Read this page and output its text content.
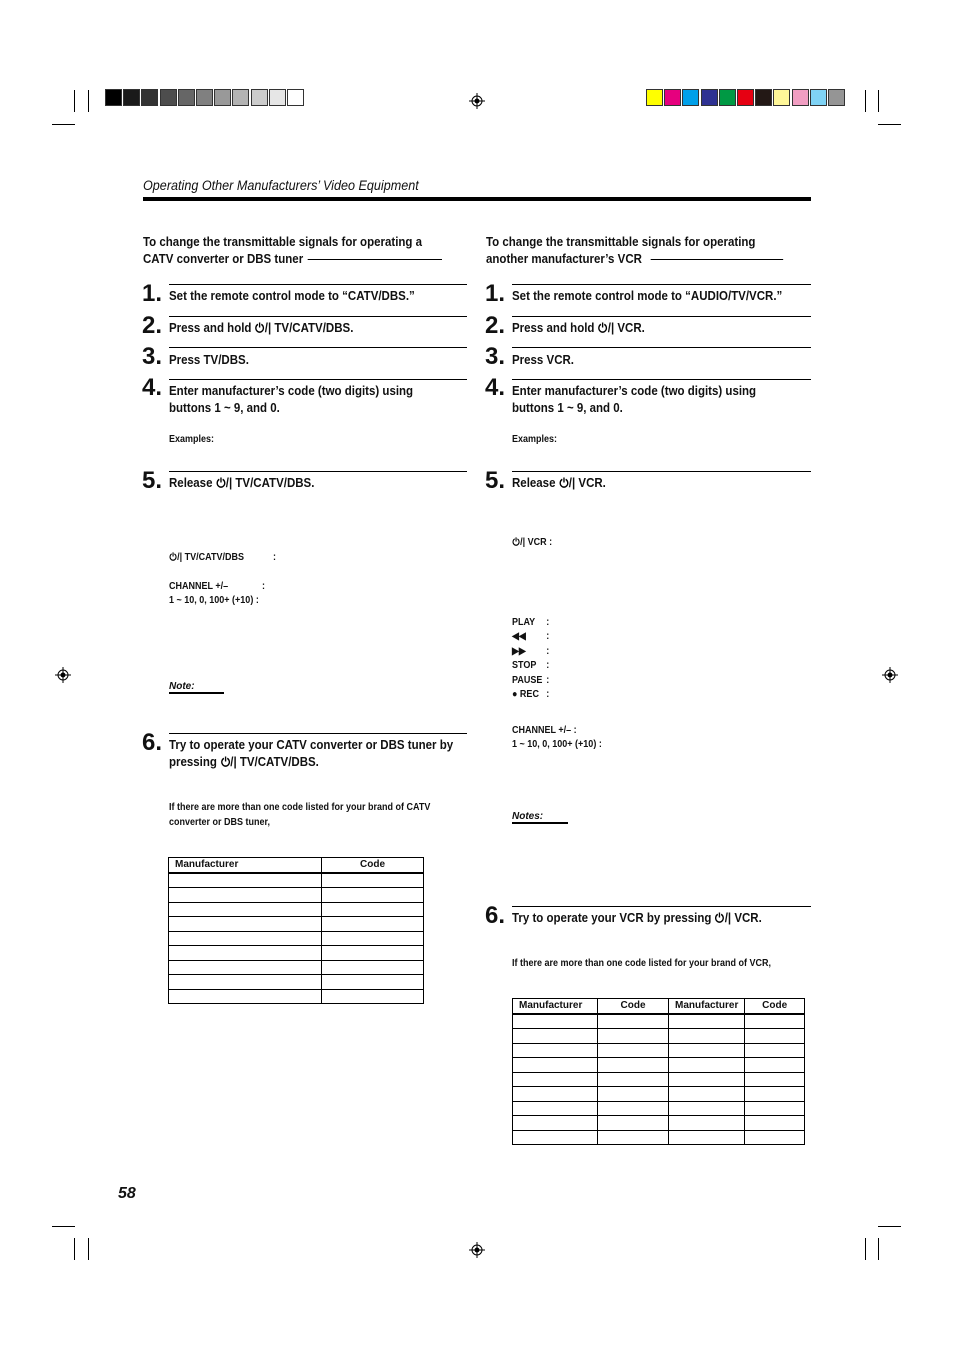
Operating Other Manufacturers’ Video Equipment
To change the transmittable signals for operating a
CATV converter or DBS tuner
1. Set the remote control mode to “CATV/DBS.”
2. Press and hold /| TV/CATV/DBS.
3. Press TV/DBS.
4. Enter manufacturer’s code (two digits) using
buttons 1 ~ 9, and 0.
Examples:
5. Release /| TV/CATV/DBS.
/| TV/CATV/DBS	:
CHANNEL +/–	:
1 ~ 10, 0, 100+ (+10) :
Note:
6. Try to operate your CATV converter or DBS tuner by
pressing /| TV/CATV/DBS.
If there are more than one code listed for your brand of CATV
converter or DBS tuner,
Manufacturer	Code

To change the transmittable signals for operating
another manufacturer’s VCR
1. Set the remote control mode to “AUDIO/TV/VCR.”
2. Press and hold /| VCR.
3. Press VCR.
4. Enter manufacturer’s code (two digits) using
buttons 1 ~ 9, and 0.
Examples:
5. Release /| VCR.
/| VCR :
PLAY :
◀◀ :
▶▶ :
STOP :
PAUSE :
● REC :
CHANNEL +/– :
1 ~ 10, 0, 100+ (+10) :
Notes:
6. Try to operate your VCR by pressing /| VCR.
If there are more than one code listed for your brand of VCR,
Manufacturer	Code	Manufacturer	Code

58
